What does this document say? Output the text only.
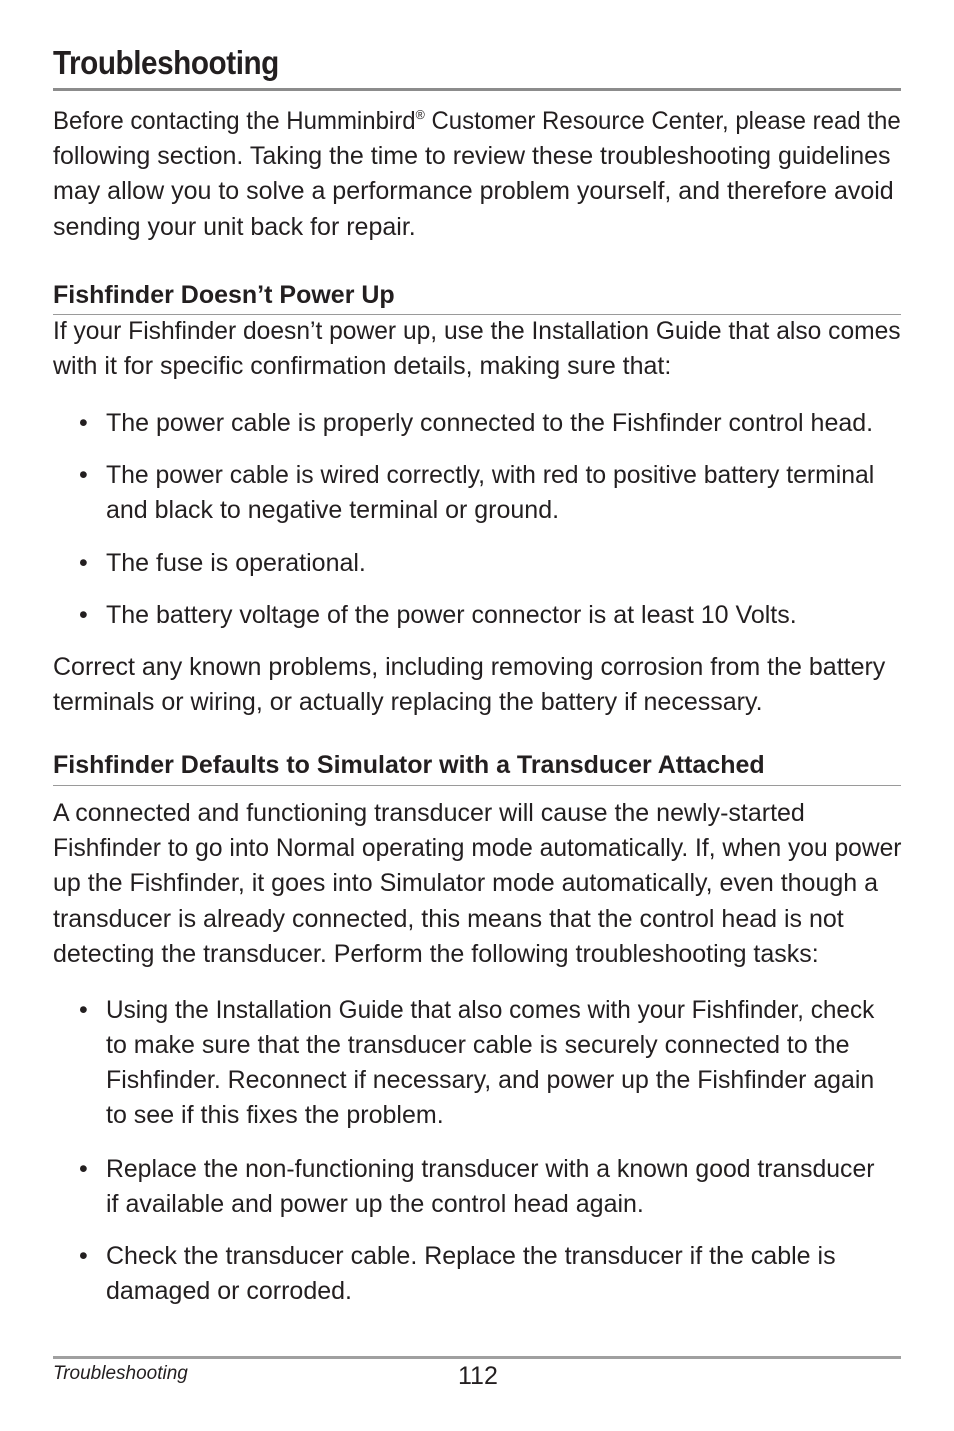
Troubleshooting
Before contacting the Humminbird® Customer Resource Center, please read the
following section. Taking the time to review these troubleshooting guidelines
may allow you to solve a performance problem yourself, and therefore avoid
sending your unit back for repair.
Fishfinder Doesn’t Power Up
If your Fishfinder doesn’t power up, use the Installation Guide that also comes
with it for specific confirmation details, making sure that:
• The power cable is properly connected to the Fishfinder control head.
• The power cable is wired correctly, with red to positive battery terminal
and black to negative terminal or ground.
• The fuse is operational.
• The battery voltage of the power connector is at least 10 Volts.
Correct any known problems, including removing corrosion from the battery
terminals or wiring, or actually replacing the battery if necessary.
Fishfinder Defaults to Simulator with a Transducer Attached
A connected and functioning transducer will cause the newly-started
Fishfinder to go into Normal operating mode automatically. If, when you power
up the Fishfinder, it goes into Simulator mode automatically, even though a
transducer is already connected, this means that the control head is not
detecting the transducer. Perform the following troubleshooting tasks:
• Using the Installation Guide that also comes with your Fishfinder, check
to make sure that the transducer cable is securely connected to the
Fishfinder. Reconnect if necessary, and power up the Fishfinder again
to see if this fixes the problem.
• Replace the non-functioning transducer with a known good transducer
if available and power up the control head again.
• Check the transducer cable. Replace the transducer if the cable is
damaged or corroded.
Troubleshooting	112
